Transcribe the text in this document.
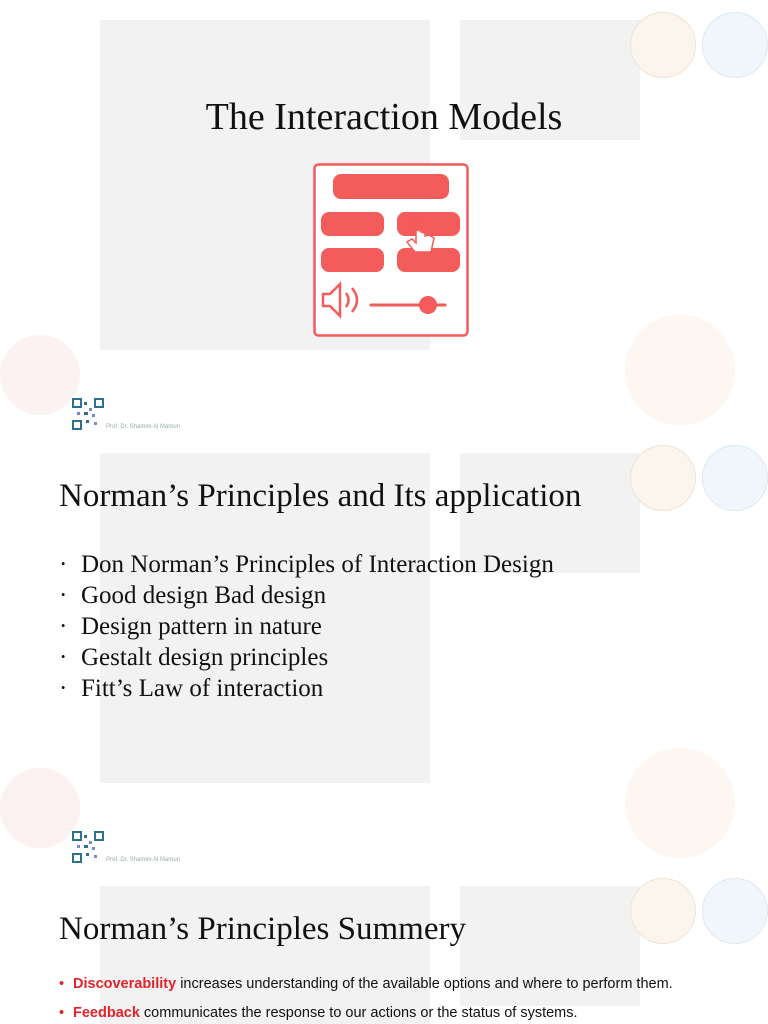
The Interaction Models
Prof. Dr. Shamim Al Mamun
Norman’s Principles and Its application
· Don Norman’s Principles of Interaction Design
· Good design Bad design
· Design pattern in nature
· Gestalt design principles
· Fitt’s Law of interaction
Prof. Dr. Shamim Al Mamun
Norman’s Principles Summery
• Discoverability increases understanding of the available options and where to perform them.
• Feedback communicates the response to our actions or the status of systems.
